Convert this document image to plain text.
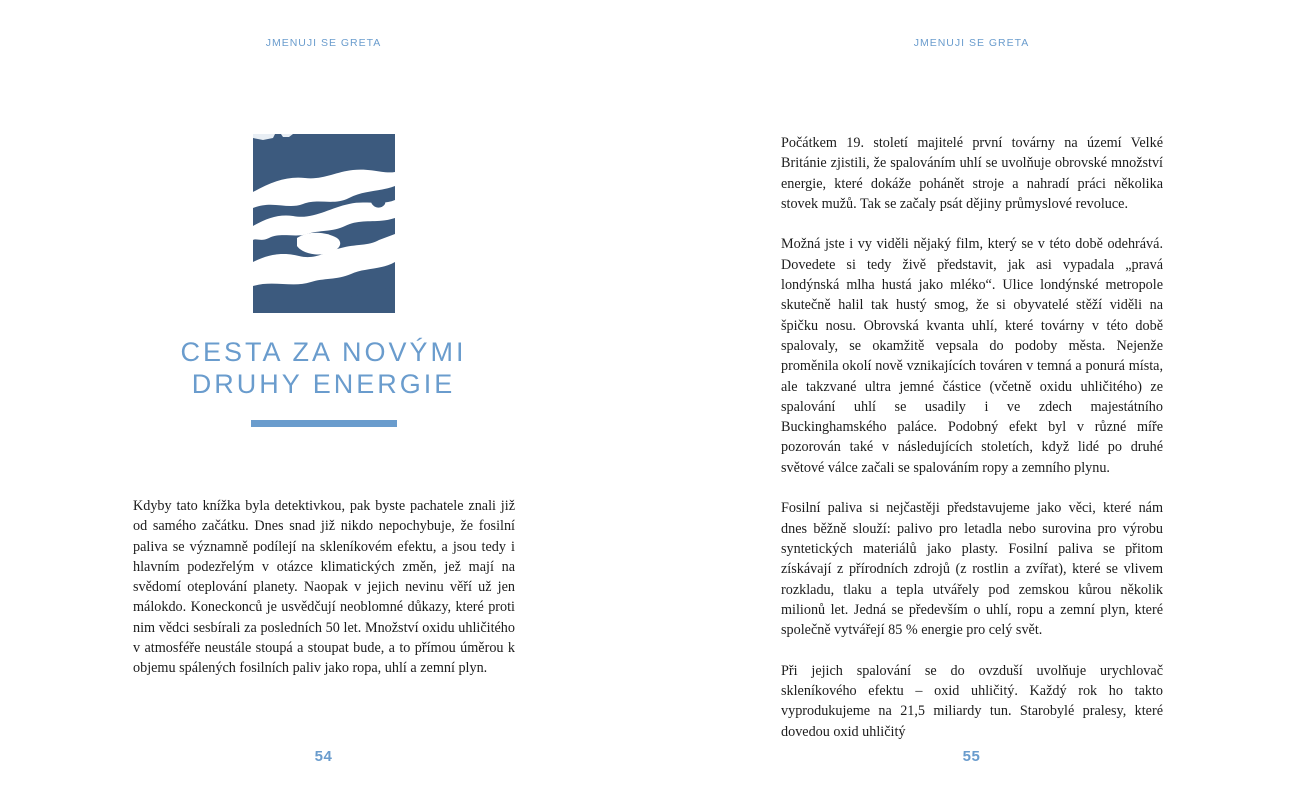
JMENUJI SE GRETA
CESTA ZA NOVÝMI
DRUHY ENERGIE

Kdyby tato knížka byla detektivkou, pak byste pachatele znali již od samého začátku. Dnes snad již nikdo nepochybuje, že fosilní paliva se významně podílejí na skleníkovém efektu, a jsou tedy i hlavním podezřelým v otázce klimatických změn, jež mají na svědomí oteplování planety. Naopak v jejich nevinu věří už jen málokdo. Koneckonců je usvědčují neoblomné důkazy, které proti nim vědci sesbírali za posledních 50 let. Množství oxidu uhličitého v atmosféře neustále stoupá a stoupat bude, a to přímou úměrou k objemu spálených fosilních paliv jako ropa, uhlí a zemní plyn.

54
JMENUJI SE GRETA

Počátkem 19. století majitelé první továrny na území Velké Británie zjistili, že spalováním uhlí se uvolňuje obrovské množství energie, které dokáže pohánět stroje a nahradí práci několika stovek mužů. Tak se začaly psát dějiny průmyslové revoluce.

Možná jste i vy viděli nějaký film, který se v této době odehrává. Dovedete si tedy živě představit, jak asi vypadala „pravá londýnská mlha hustá jako mléko“. Ulice londýnské metropole skutečně halil tak hustý smog, že si obyvatelé stěží viděli na špičku nosu. Obrovská kvanta uhlí, které továrny v této době spalovaly, se okamžitě vepsala do podoby města. Nejenže proměnila okolí nově vznikajících továren v temná a ponurá místa, ale takzvané ultra jemné částice (včetně oxidu uhličitého) ze spalování uhlí se usadily i ve zdech majestátního Buckinghamského paláce. Podobný efekt byl v různé míře pozorován také v následujících stoletích, když lidé po druhé světové válce začali se spalováním ropy a zemního plynu.

Fosilní paliva si nejčastěji představujeme jako věci, které nám dnes běžně slouží: palivo pro letadla nebo surovina pro výrobu syntetických materiálů jako plasty. Fosilní paliva se přitom získávají z přírodních zdrojů (z rostlin a zvířat), které se vlivem rozkladu, tlaku a tepla utvářely pod zemskou kůrou několik milionů let. Jedná se především o uhlí, ropu a zemní plyn, které společně vytvářejí 85 % energie pro celý svět.

Při jejich spalování se do ovzduší uvolňuje urychlovač skleníkového efektu – oxid uhličitý. Každý rok ho takto vyprodukujeme na 21,5 miliardy tun. Starobylé pralesy, které dovedou oxid uhličitý

55
